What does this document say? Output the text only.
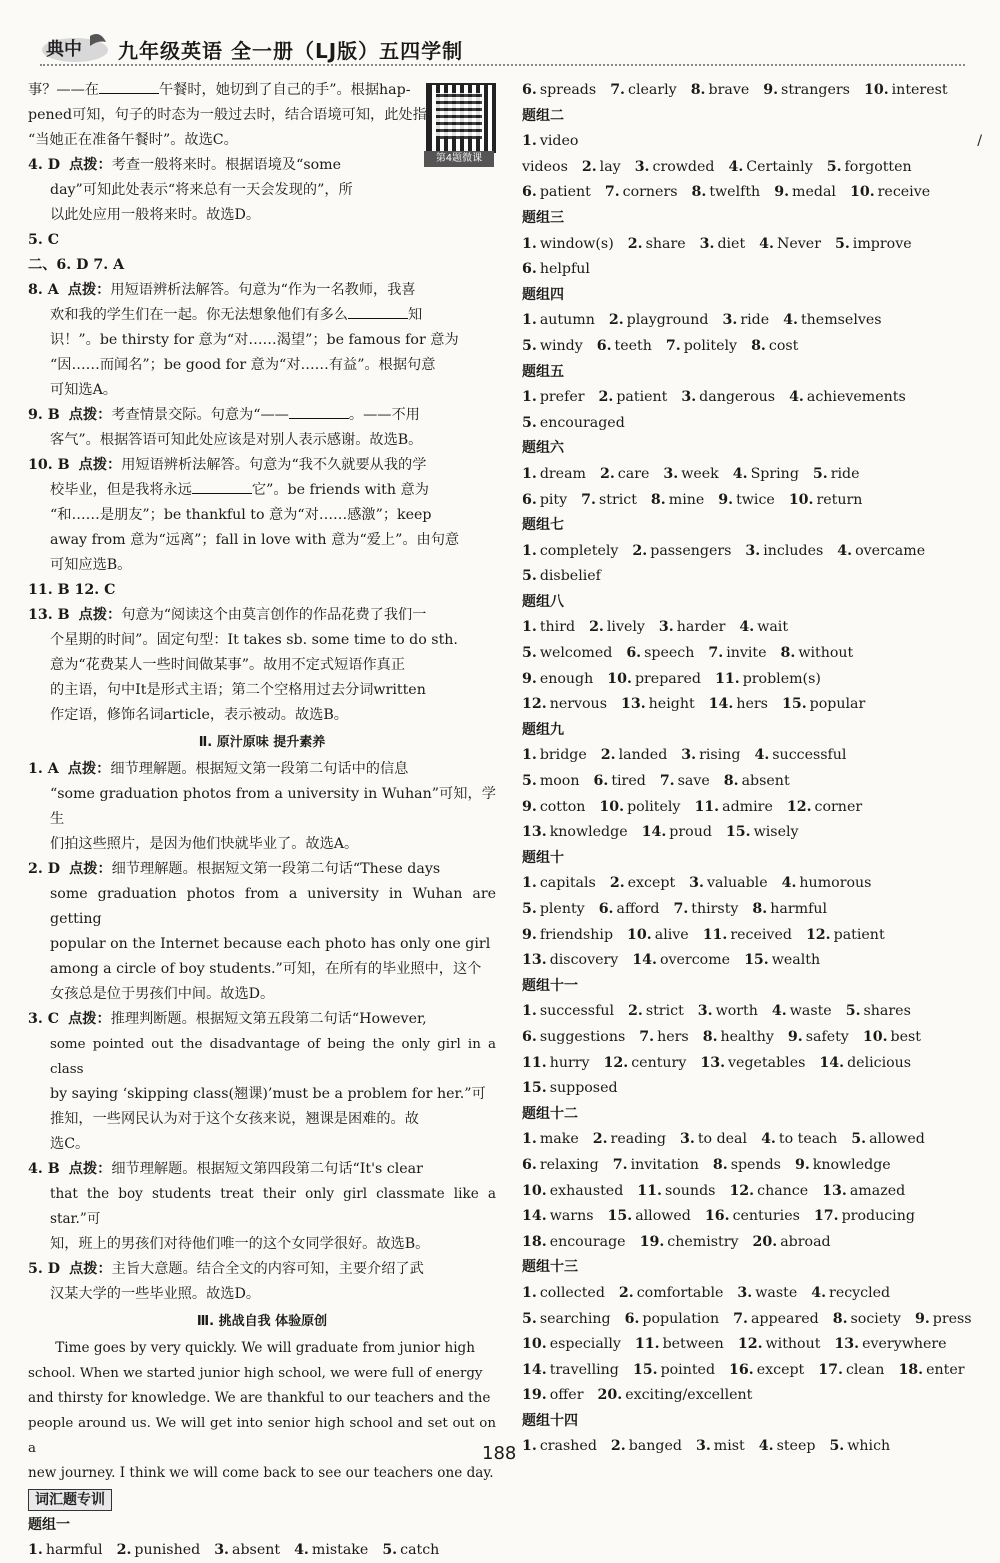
典中 九年级英语 全一册（LJ版）五四学制
第4题微课

事？——在	午餐时，她切到了自己的手”。根据hap-

pened可知，句子的时态为一般过去时，结合语境可知，此处指

“当她正在准备午餐时”。故选C。

4. D 点拨：考查一般将来时。根据语境及“some

day”可知此处表示“将来总有一天会发现的”，所

以此处应用一般将来时。故选D。

5. C

二、6. D 7. A

8. A 点拨：用短语辨析法解答。句意为“作为一名教师，我喜

欢和我的学生们在一起。你无法想象他们有多么	知

识！”。be thirsty for 意为“对……渴望”；be famous for 意为

“因……而闻名”；be good for 意为“对……有益”。根据句意

可知选A。

9. B 点拨：考查情景交际。句意为“——	。——不用

客气”。根据答语可知此处应该是对别人表示感谢。故选B。

10. B 点拨：用短语辨析法解答。句意为“我不久就要从我的学

校毕业，但是我将永远	它”。be friends with 意为

“和……是朋友”；be thankful to 意为“对……感激”；keep

away from 意为“远离”；fall in love with 意为“爱上”。由句意

可知应选B。

11. B 12. C

13. B 点拨：句意为“阅读这个由莫言创作的作品花费了我们一

个星期的时间”。固定句型：It takes sb. some time to do sth.

意为“花费某人一些时间做某事”。故用不定式短语作真正

的主语，句中It是形式主语；第二个空格用过去分词written

作定语，修饰名词article，表示被动。故选B。

Ⅱ. 原汁原味 提升素养

1. A 点拨：细节理解题。根据短文第一段第二句话中的信息

“some graduation photos from a university in Wuhan”可知，学生

们拍这些照片，是因为他们快就毕业了。故选A。

2. D 点拨：细节理解题。根据短文第一段第二句话“These days

some graduation photos from a university in Wuhan are getting

popular on the Internet because each photo has only one girl

among a circle of boy students.”可知，在所有的毕业照中，这个

女孩总是位于男孩们中间。故选D。

3. C 点拨：推理判断题。根据短文第五段第二句话“However,

some pointed out the disadvantage of being the only girl in a class

by saying ‘skipping class(翘课)’must be a problem for her.”可

推知，一些网民认为对于这个女孩来说，翘课是困难的。故

选C。

4. B 点拨：细节理解题。根据短文第四段第二句话“It's clear

that the boy students treat their only girl classmate like a star.”可

知，班上的男孩们对待他们唯一的这个女同学很好。故选B。

5. D 点拨：主旨大意题。结合全文的内容可知，主要介绍了武

汉某大学的一些毕业照。故选D。

Ⅲ. 挑战自我 体验原创

Time goes by very quickly. We will graduate from junior high

school. When we started junior high school, we were full of energy

and thirsty for knowledge. We are thankful to our teachers and the

people around us. We will get into senior high school and set out on a

new journey. I think we will come back to see our teachers one day.

词汇题专训

题组一

1. harmful 2. punished 3. absent 4. mistake 5. catch

6. spreads 7. clearly 8. brave 9. strangers 10. interest

题组二

1. video / videos 2. lay 3. crowded 4. Certainly 5. forgotten

6. patient 7. corners 8. twelfth 9. medal 10. receive

题组三

1. window(s) 2. share 3. diet 4. Never 5. improve

6. helpful

题组四

1. autumn 2. playground 3. ride 4. themselves

5. windy 6. teeth 7. politely 8. cost

题组五

1. prefer 2. patient 3. dangerous 4. achievements

5. encouraged

题组六

1. dream 2. care 3. week 4. Spring 5. ride

6. pity 7. strict 8. mine 9. twice 10. return

题组七

1. completely 2. passengers 3. includes 4. overcame

5. disbelief

题组八

1. third 2. lively 3. harder 4. wait

5. welcomed 6. speech 7. invite 8. without

9. enough 10. prepared 11. problem(s)

12. nervous 13. height 14. hers 15. popular

题组九

1. bridge 2. landed 3. rising 4. successful

5. moon 6. tired 7. save 8. absent

9. cotton 10. politely 11. admire 12. corner

13. knowledge 14. proud 15. wisely

题组十

1. capitals 2. except 3. valuable 4. humorous

5. plenty 6. afford 7. thirsty 8. harmful

9. friendship 10. alive 11. received 12. patient

13. discovery 14. overcome 15. wealth

题组十一

1. successful 2. strict 3. worth 4. waste 5. shares

6. suggestions 7. hers 8. healthy 9. safety 10. best

11. hurry 12. century 13. vegetables 14. delicious

15. supposed

题组十二

1. make 2. reading 3. to deal 4. to teach 5. allowed

6. relaxing 7. invitation 8. spends 9. knowledge

10. exhausted 11. sounds 12. chance 13. amazed

14. warns 15. allowed 16. centuries 17. producing

18. encourage 19. chemistry 20. abroad

题组十三

1. collected 2. comfortable 3. waste 4. recycled

5. searching 6. population 7. appeared 8. society 9. press

10. especially 11. between 12. without 13. everywhere

14. travelling 15. pointed 16. except 17. clean 18. enter

19. offer 20. exciting/excellent

题组十四

1. crashed 2. banged 3. mist 4. steep 5. which

188
